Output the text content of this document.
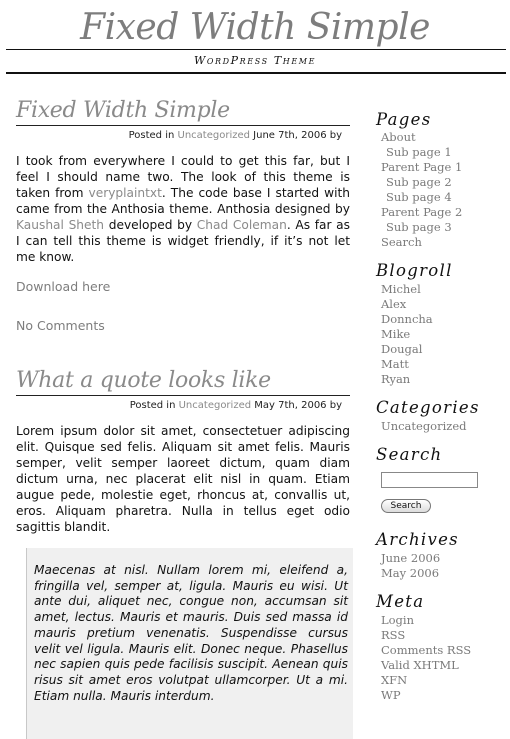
Fixed Width Simple
WordPress Theme
Fixed Width Simple
Posted in Uncategorized June 7th, 2006 by
I took from everywhere I could to get this far, but I feel I should name two. The look of this theme is taken from veryplaintxt. The code base I started with came from the Anthosia theme. Anthosia designed by Kaushal Sheth developed by Chad Coleman. As far as I can tell this theme is widget friendly, if it’s not let me know.
Download here
No Comments
What a quote looks like
Posted in Uncategorized May 7th, 2006 by
Lorem ipsum dolor sit amet, consectetuer adipiscing elit. Quisque sed felis. Aliquam sit amet felis. Mauris semper, velit semper laoreet dictum, quam diam dictum urna, nec placerat elit nisl in quam. Etiam augue pede, molestie eget, rhoncus at, convallis ut, eros. Aliquam pharetra. Nulla in tellus eget odio sagittis blandit.
Maecenas at nisl. Nullam lorem mi, eleifend a, fringilla vel, semper at, ligula. Mauris eu wisi. Ut ante dui, aliquet nec, congue non, accumsan sit amet, lectus. Mauris et mauris. Duis sed massa id mauris pretium venenatis. Suspendisse cursus velit vel ligula. Mauris elit. Donec neque. Phasellus nec sapien quis pede facilisis suscipit. Aenean quis risus sit amet eros volutpat ullamcorper. Ut a mi. Etiam nulla. Mauris interdum.
Pages
About
Sub page 1
Parent Page 1
Sub page 2
Sub page 4
Parent Page 2
Sub page 3
Search
Blogroll
Michel
Alex
Donncha
Mike
Dougal
Matt
Ryan
Categories
Uncategorized
Search
Search
Archives
June 2006
May 2006
Meta
Login
RSS
Comments RSS
Valid XHTML
XFN
WP
